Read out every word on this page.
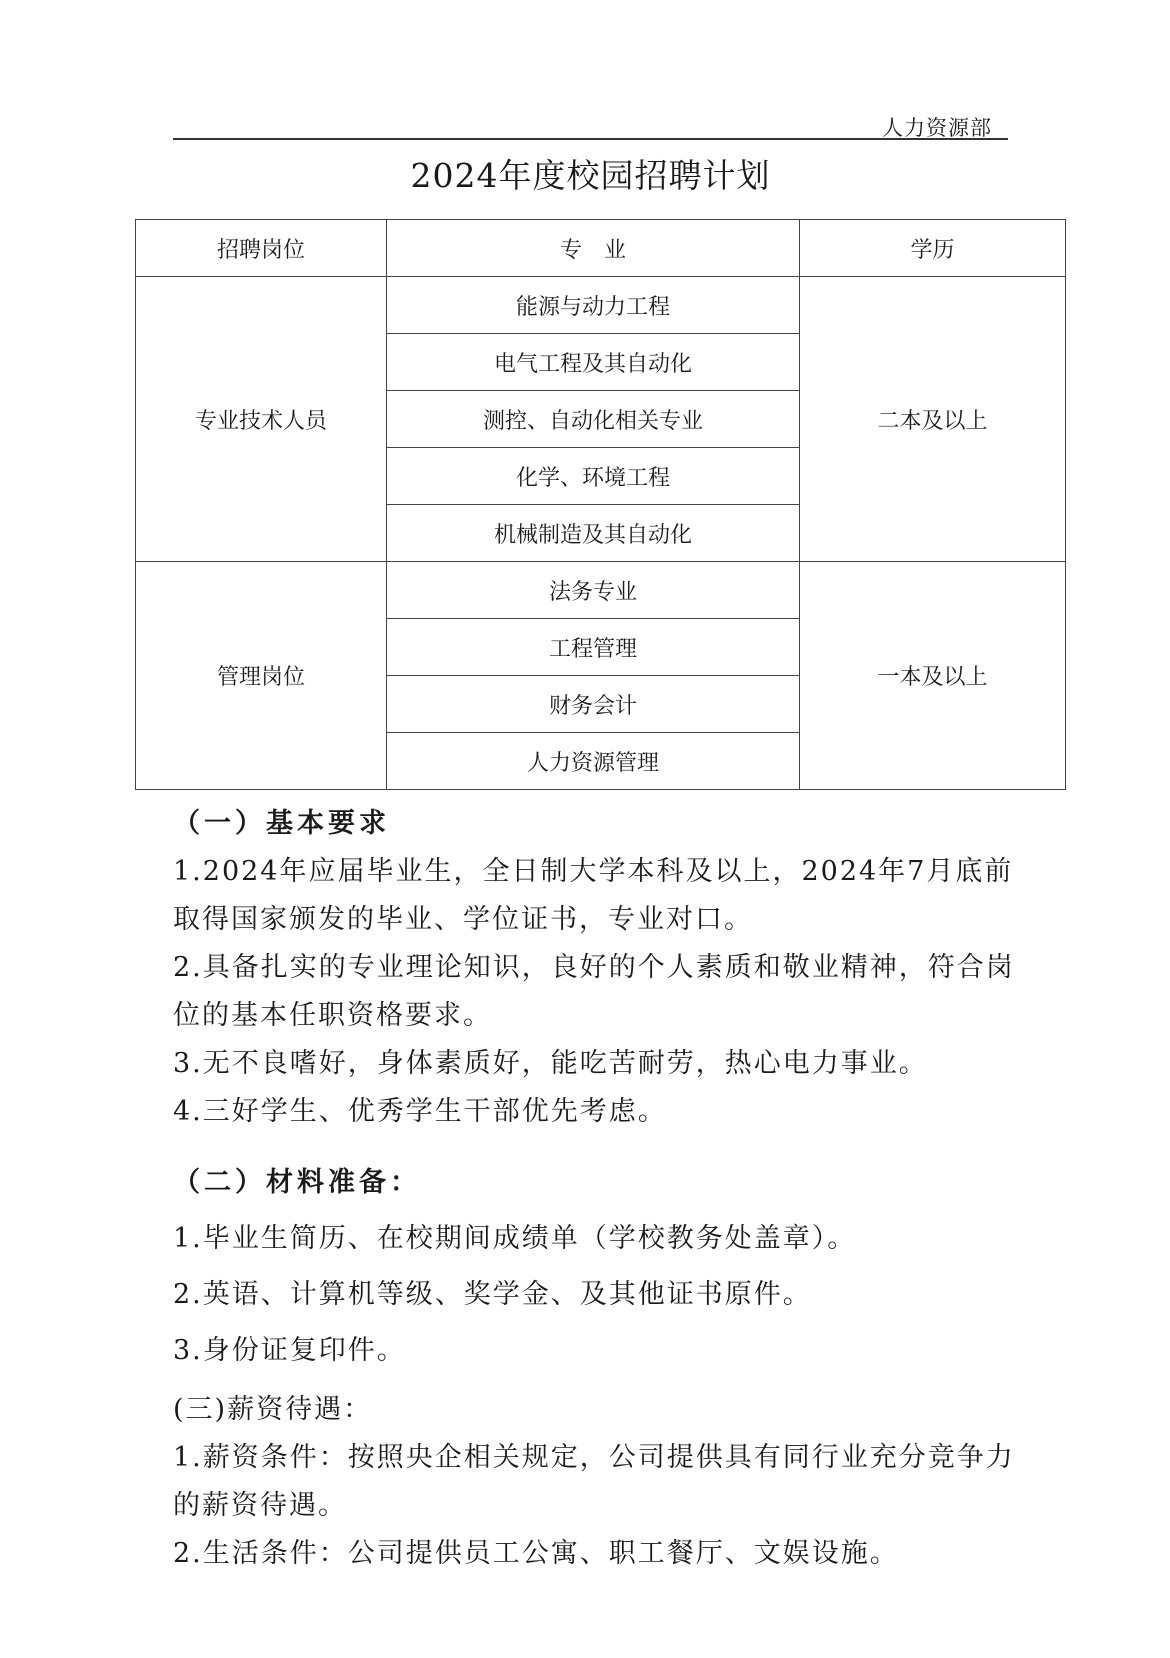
人力资源部
2024年度校园招聘计划
招聘岗位	专　业	学历
专业技术人员	能源与动力工程	二本及以上
	电气工程及其自动化	
	测控、自动化相关专业	
	化学、环境工程	
	机械制造及其自动化	
管理岗位	法务专业	一本及以上
	工程管理	
	财务会计	
	人力资源管理	
（一）基本要求

1.2024年应届毕业生，全日制大学本科及以上，2024年7月底前取得国家颁发的毕业、学位证书，专业对口。

2.具备扎实的专业理论知识，良好的个人素质和敬业精神，符合岗位的基本任职资格要求。

3.无不良嗜好，身体素质好，能吃苦耐劳，热心电力事业。

4.三好学生、优秀学生干部优先考虑。

（二）材料准备：

1.毕业生简历、在校期间成绩单（学校教务处盖章）。

2.英语、计算机等级、奖学金、及其他证书原件。

3.身份证复印件。

(三)薪资待遇：

1.薪资条件：按照央企相关规定，公司提供具有同行业充分竞争力的薪资待遇。

2.生活条件：公司提供员工公寓、职工餐厅、文娱设施。
